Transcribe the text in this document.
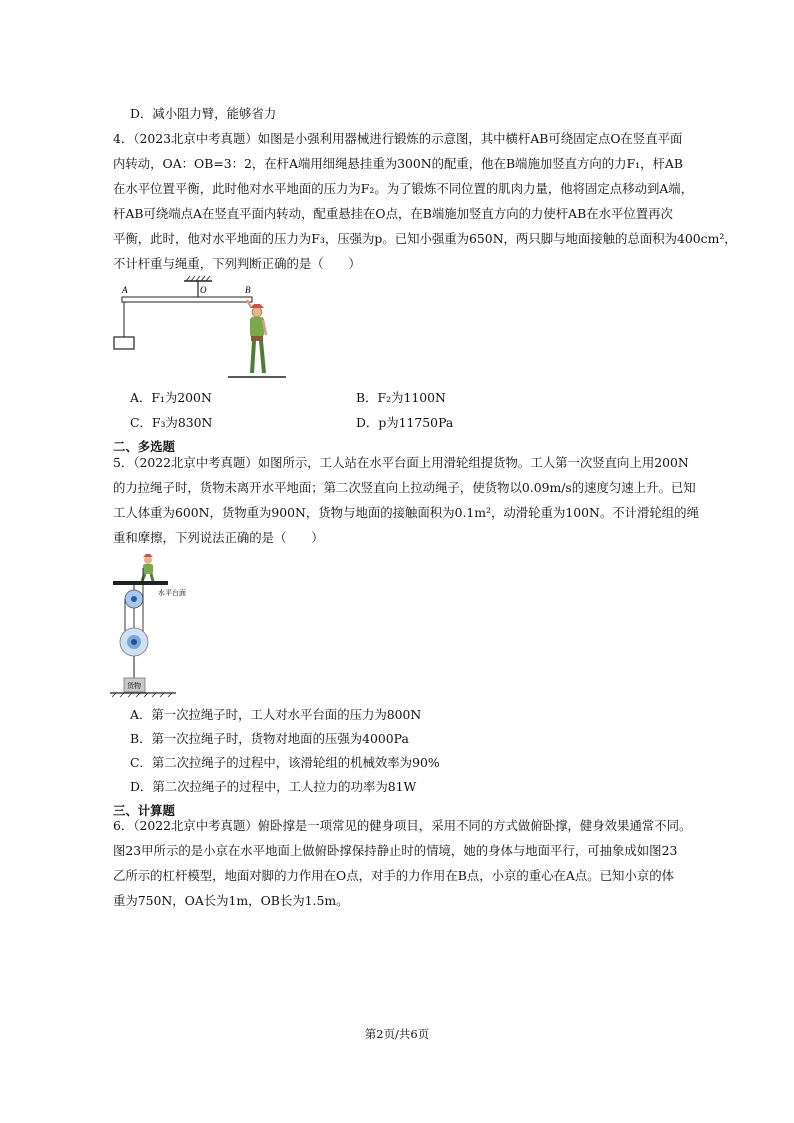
D．减小阻力臂，能够省力
4．（2023北京中考真题）如图是小强利用器械进行锻炼的示意图，其中横杆AB可绕固定点O在竖直平面
内转动，OA：OB=3：2，在杆A端用细绳悬挂重为300N的配重，他在B端施加竖直方向的力F₁，杆AB
在水平位置平衡，此时他对水平地面的压力为F₂。为了锻炼不同位置的肌肉力量，他将固定点移动到A端，
杆AB可绕端点A在竖直平面内转动，配重悬挂在O点，在B端施加竖直方向的力使杆AB在水平位置再次
平衡，此时，他对水平地面的压力为F₃，压强为p。已知小强重为650N，两只脚与地面接触的总面积为400cm²，
不计杆重与绳重，下列判断正确的是（　　）
A	O	B
A．F₁为200N	B．F₂为1100N
C．F₃为830N	D．p为11750Pa
二、多选题
5．（2022北京中考真题）如图所示，工人站在水平台面上用滑轮组提货物。工人第一次竖直向上用200N
的力拉绳子时，货物未离开水平地面；第二次竖直向上拉动绳子，使货物以0.09m/s的速度匀速上升。已知
工人体重为600N，货物重为900N，货物与地面的接触面积为0.1m²，动滑轮重为100N。不计滑轮组的绳
重和摩擦，下列说法正确的是（　　）
水平台面
货物
A．第一次拉绳子时，工人对水平台面的压力为800N
B．第一次拉绳子时，货物对地面的压强为4000Pa
C．第二次拉绳子的过程中，该滑轮组的机械效率为90%
D．第二次拉绳子的过程中，工人拉力的功率为81W
三、计算题
6．（2022北京中考真题）俯卧撑是一项常见的健身项目，采用不同的方式做俯卧撑，健身效果通常不同。
图23甲所示的是小京在水平地面上做俯卧撑保持静止时的情境，她的身体与地面平行，可抽象成如图23
乙所示的杠杆模型，地面对脚的力作用在O点，对手的力作用在B点，小京的重心在A点。已知小京的体
重为750N，OA长为1m，OB长为1.5m。
第2页/共6页
